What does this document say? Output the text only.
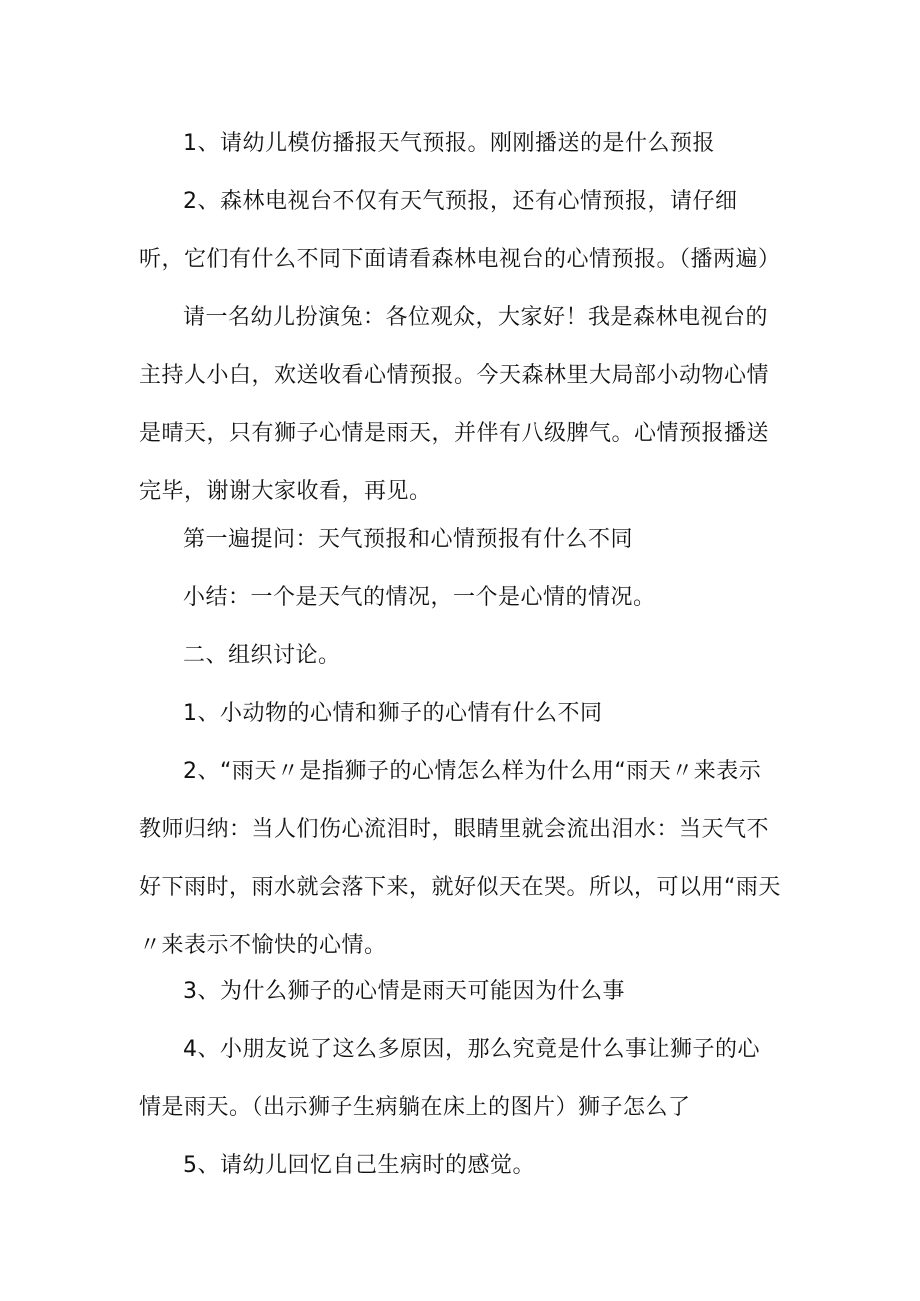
1、请幼儿模仿播报天气预报。刚刚播送的是什么预报
2、森林电视台不仅有天气预报，还有心情预报，请仔细听，它们有什么不同下面请看森林电视台的心情预报。（播两遍）
请一名幼儿扮演兔：各位观众，大家好！我是森林电视台的主持人小白，欢送收看心情预报。今天森林里大局部小动物心情是晴天，只有狮子心情是雨天，并伴有八级脾气。心情预报播送完毕，谢谢大家收看，再见。
第一遍提问：天气预报和心情预报有什么不同
小结：一个是天气的情况，一个是心情的情况。
二、组织讨论。
1、小动物的心情和狮子的心情有什么不同
2、“雨天〃是指狮子的心情怎么样为什么用“雨天〃来表示教师归纳：当人们伤心流泪时，眼睛里就会流出泪水：当天气不好下雨时，雨水就会落下来，就好似天在哭。所以，可以用“雨天〃来表示不愉快的心情。
3、为什么狮子的心情是雨天可能因为什么事
4、小朋友说了这么多原因，那么究竟是什么事让狮子的心情是雨天。（出示狮子生病躺在床上的图片）狮子怎么了
5、请幼儿回忆自己生病时的感觉。
